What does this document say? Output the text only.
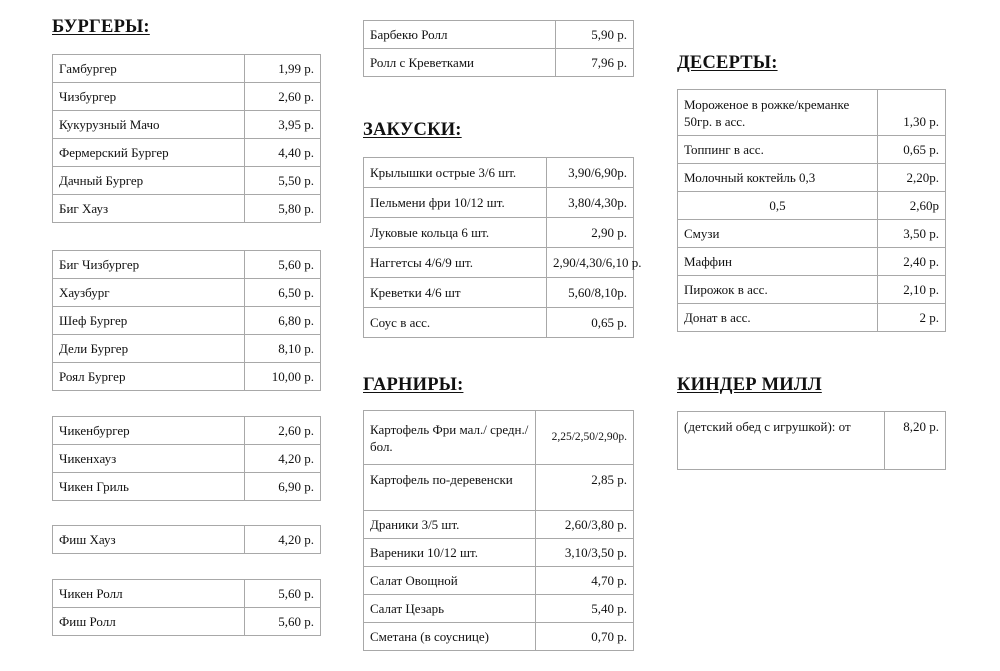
БУРГЕРЫ:
Гамбургер	1,99 р.
Чизбургер	2,60 р.
Кукурузный Мачо	3,95 р.
Фермерский Бургер	4,40 р.
Дачный Бургер	5,50 р.
Биг Хауз	5,80 р.
Биг Чизбургер	5,60 р.
Хаузбург	6,50 р.
Шеф Бургер	6,80 р.
Дели Бургер	8,10 р.
Роял Бургер	10,00 р.
Чикенбургер	2,60 р.
Чикенхауз	4,20 р.
Чикен Гриль	6,90 р.
Фиш Хауз	4,20 р.
Чикен Ролл	5,60 р.
Фиш Ролл	5,60 р.
Барбекю Ролл	5,90 р.
Ролл с Креветками	7,96 р.
ЗАКУСКИ:
Крылышки острые 3/6 шт.	3,90/6,90р.
Пельмени фри 10/12 шт.	3,80/4,30р.
Луковые кольца 6 шт.	2,90 р.
Наггетсы 4/6/9 шт.	2,90/4,30/6,10 р.
Креветки 4/6 шт	5,60/8,10р.
Соус в асс.	0,65 р.
ГАРНИРЫ:
Картофель Фри мал./ средн./бол.	2,25/2,50/2,90р.
Картофель по-деревенски	2,85 р.
Драники 3/5 шт.	2,60/3,80 р.
Вареники 10/12 шт.	3,10/3,50 р.
Салат Овощной	4,70 р.
Салат Цезарь	5,40 р.
Сметана (в соуснице)	0,70 р.
ДЕСЕРТЫ:
Мороженое в рожке/креманке 50гр. в асс.	1,30 р.
Топпинг в асс.	0,65 р.
Молочный коктейль 0,3	2,20р.
0,5	2,60р
Смузи	3,50 р.
Маффин	2,40 р.
Пирожок в асс.	2,10 р.
Донат в асс.	2 р.
КИНДЕР МИЛЛ
(детский обед с игрушкой): от	8,20 р.
